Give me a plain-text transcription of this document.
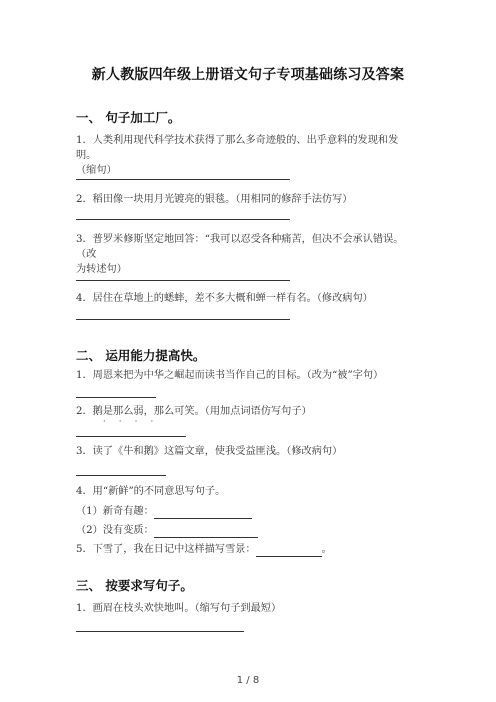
新人教版四年级上册语文句子专项基础练习及答案
一、 句子加工厂。
1．人类利用现代科学技术获得了那么多奇迹般的、出乎意料的发现和发明。
（缩句）
2．稻田像一块用月光镀亮的银毯。（用相同的修辞手法仿写）
3．普罗米修斯坚定地回答：“我可以忍受各种痛苦，但决不会承认错误。（改
为转述句）
4．居住在草地上的蟋蟀，差不多大概和蝉一样有名。（修改病句）
二、 运用能力提高快。
1．周恩来把为中华之崛起而读书当作自己的目标。（改为“被”字句）
2．鹅是那么弱，那么可笑。（用加点词语仿写句子）
· · · ·
3．读了《牛和鹅》这篇文章，使我受益匪浅。（修改病句）
4．用“新鲜”的不同意思写句子。
（1）新奇有趣：
（2）没有变质：
5．下雪了，我在日记中这样描写雪景：	。
三、 按要求写句子。
1．画眉在枝头欢快地叫。（缩写句子到最短）
1 / 8
